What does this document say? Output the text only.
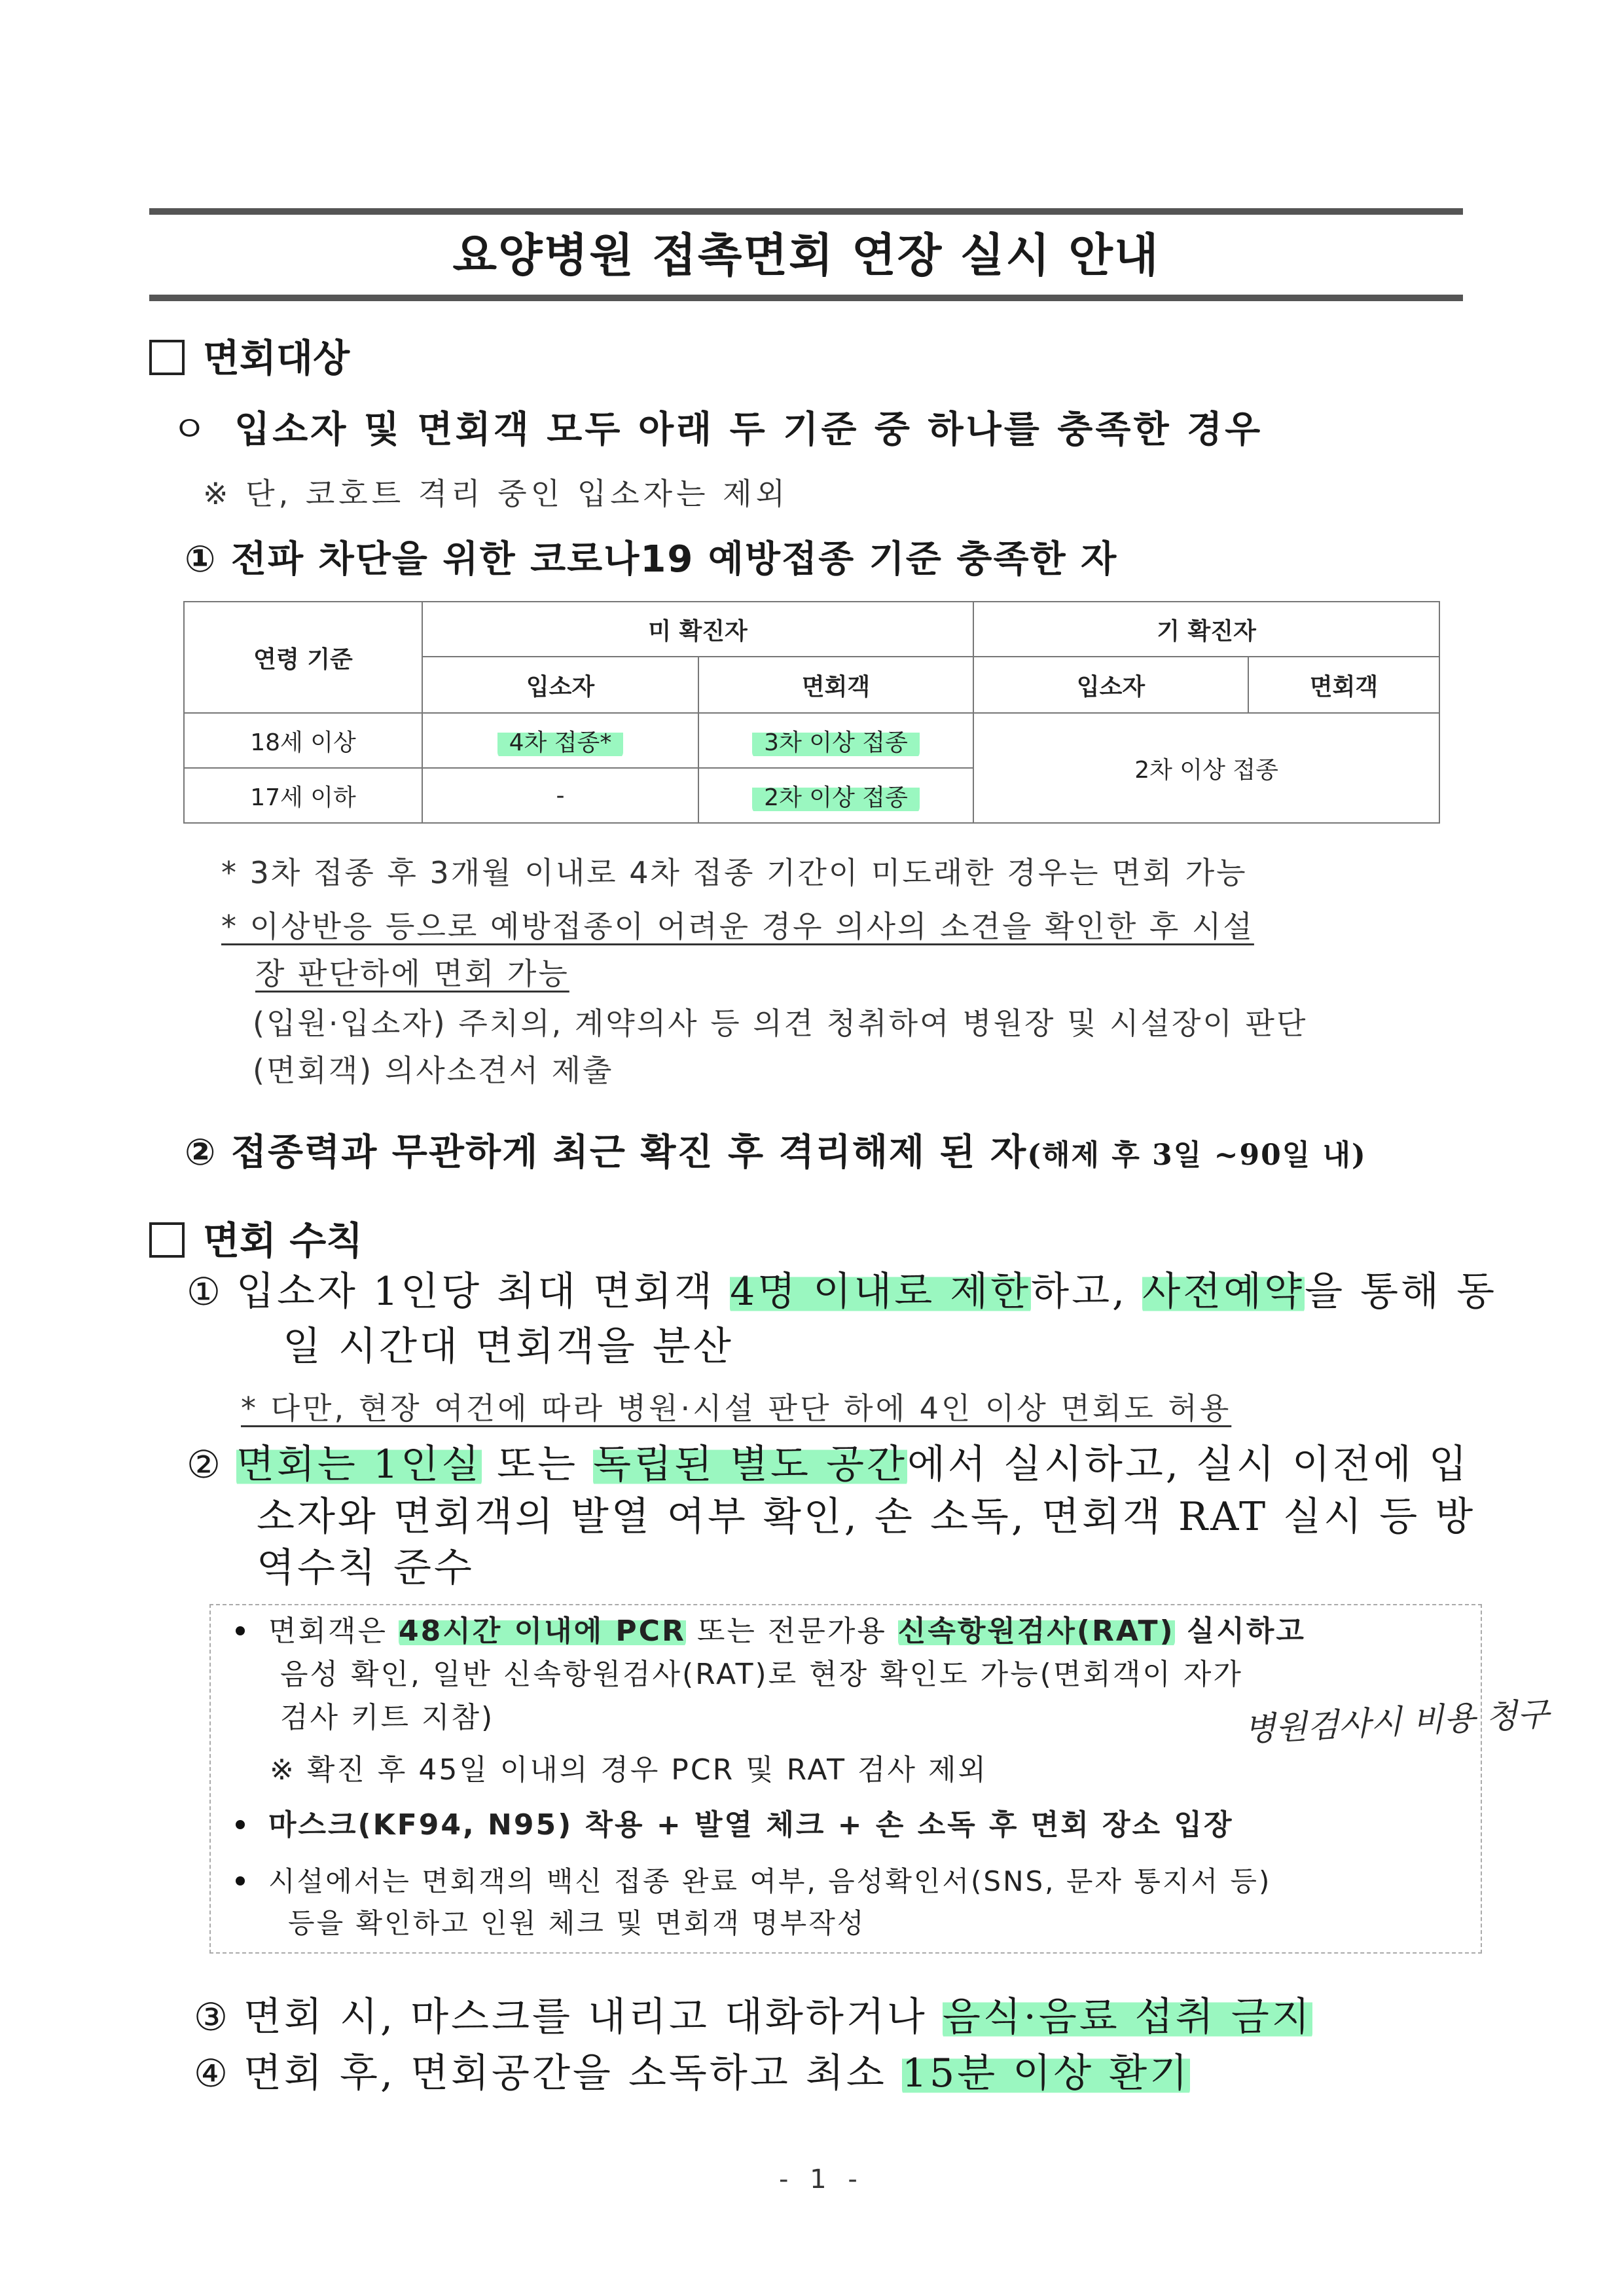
요양병원 접촉면회 연장 실시 안내
면회대상
ㅇ 입소자 및 면회객 모두 아래 두 기준 중 하나를 충족한 경우
※ 단, 코호트 격리 중인 입소자는 제외
① 전파 차단을 위한 코로나19 예방접종 기준 충족한 자
연령 기준	미 확진자		기 확진자	
	입소자	면회객	입소자	면회객
18세 이상	4차 접종*	3차 이상 접종	2차 이상 접종	
17세 이하	-	2차 이상 접종		
* 3차 접종 후 3개월 이내로 4차 접종 기간이 미도래한 경우는 면회 가능
* 이상반응 등으로 예방접종이 어려운 경우 의사의 소견을 확인한 후 시설
장 판단하에 면회 가능
(입원·입소자) 주치의, 계약의사 등 의견 청취하여 병원장 및 시설장이 판단
(면회객) 의사소견서 제출
② 접종력과 무관하게 최근 확진 후 격리해제 된 자(해제 후 3일 ~90일 내)
면회 수칙
① 입소자 1인당 최대 면회객 4명 이내로 제한하고, 사전예약을 통해 동
일 시간대 면회객을 분산
* 다만, 현장 여건에 따라 병원·시설 판단 하에 4인 이상 면회도 허용
② 면회는 1인실 또는 독립된 별도 공간에서 실시하고, 실시 이전에 입
소자와 면회객의 발열 여부 확인, 손 소독, 면회객 RAT 실시 등 방
역수칙 준수
면회객은 48시간 이내에 PCR 또는 전문가용 신속항원검사(RAT) 실시하고
음성 확인, 일반 신속항원검사(RAT)로 현장 확인도 가능(면회객이 자가
검사 키트 지참)	병원검사시 비용 청구
※ 확진 후 45일 이내의 경우 PCR 및 RAT 검사 제외
마스크(KF94, N95) 착용 + 발열 체크 + 손 소독 후 면회 장소 입장
시설에서는 면회객의 백신 접종 완료 여부, 음성확인서(SNS, 문자 통지서 등)
등을 확인하고 인원 체크 및 면회객 명부작성
③ 면회 시, 마스크를 내리고 대화하거나 음식·음료 섭취 금지
④ 면회 후, 면회공간을 소독하고 최소 15분 이상 환기
- 1 -
